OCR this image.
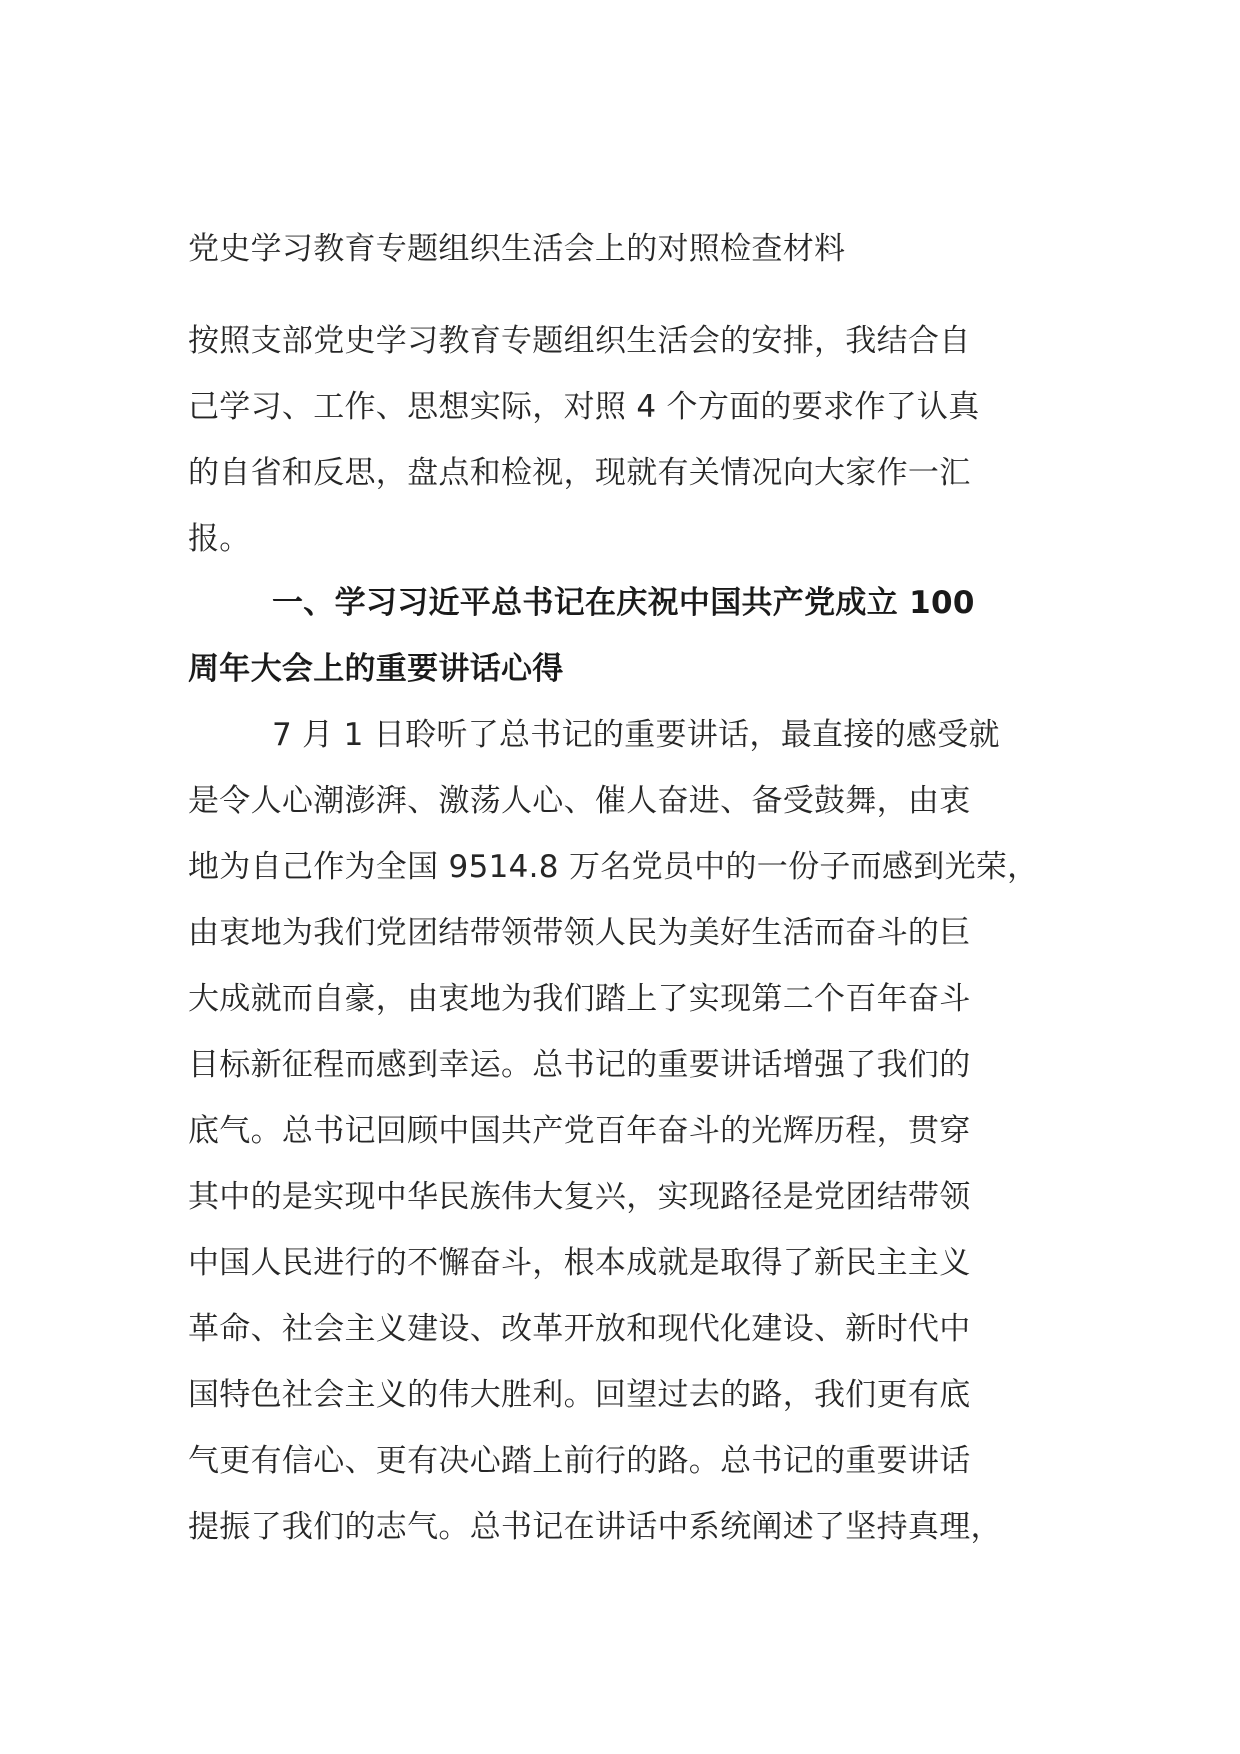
党史学习教育专题组织生活会上的对照检查材料
按照支部党史学习教育专题组织生活会的安排，我结合自
己学习、工作、思想实际，对照 4 个方面的要求作了认真
的自省和反思，盘点和检视，现就有关情况向大家作一汇
报。
一、学习习近平总书记在庆祝中国共产党成立 100
周年大会上的重要讲话心得
7 月 1 日聆听了总书记的重要讲话，最直接的感受就
是令人心潮澎湃、激荡人心、催人奋进、备受鼓舞，由衷
地为自己作为全国 9514.8 万名党员中的一份子而感到光荣，
由衷地为我们党团结带领带领人民为美好生活而奋斗的巨
大成就而自豪，由衷地为我们踏上了实现第二个百年奋斗
目标新征程而感到幸运。总书记的重要讲话增强了我们的
底气。总书记回顾中国共产党百年奋斗的光辉历程，贯穿
其中的是实现中华民族伟大复兴，实现路径是党团结带领
中国人民进行的不懈奋斗，根本成就是取得了新民主主义
革命、社会主义建设、改革开放和现代化建设、新时代中
国特色社会主义的伟大胜利。回望过去的路，我们更有底
气更有信心、更有决心踏上前行的路。总书记的重要讲话
提振了我们的志气。总书记在讲话中系统阐述了坚持真理，
